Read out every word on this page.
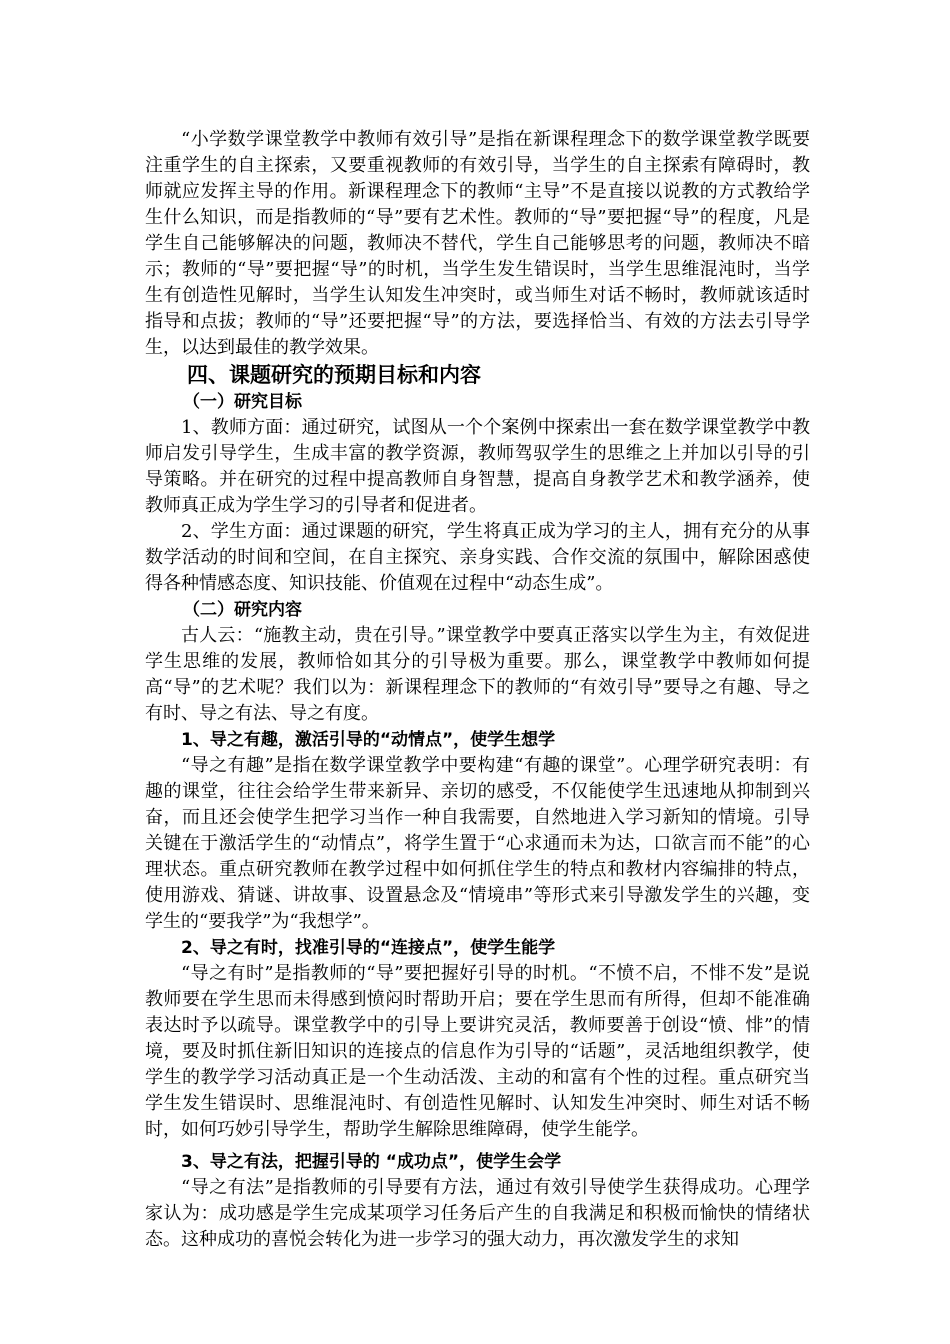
“小学数学课堂教学中教师有效引导”是指在新课程理念下的数学课堂教学既要注重学生的自主探索，又要重视教师的有效引导，当学生的自主探索有障碍时，教师就应发挥主导的作用。新课程理念下的教师“主导”不是直接以说教的方式教给学生什么知识，而是指教师的“导”要有艺术性。教师的“导”要把握“导”的程度，凡是学生自己能够解决的问题，教师决不替代，学生自己能够思考的问题，教师决不暗示；教师的“导”要把握“导”的时机，当学生发生错误时，当学生思维混沌时，当学生有创造性见解时，当学生认知发生冲突时，或当师生对话不畅时，教师就该适时指导和点拔；教师的“导”还要把握“导”的方法，要选择恰当、有效的方法去引导学生，以达到最佳的教学效果。

四、课题研究的预期目标和内容
（一）研究目标

1、教师方面：通过研究，试图从一个个案例中探索出一套在数学课堂教学中教师启发引导学生，生成丰富的教学资源，教师驾驭学生的思维之上并加以引导的引导策略。并在研究的过程中提高教师自身智慧，提高自身教学艺术和教学涵养，使教师真正成为学生学习的引导者和促进者。

2、学生方面：通过课题的研究，学生将真正成为学习的主人，拥有充分的从事数学活动的时间和空间，在自主探究、亲身实践、合作交流的氛围中，解除困惑使得各种情感态度、知识技能、价值观在过程中“动态生成”。

（二）研究内容

古人云：“施教主动，贵在引导。”课堂教学中要真正落实以学生为主，有效促进学生思维的发展，教师恰如其分的引导极为重要。那么，课堂教学中教师如何提高“导”的艺术呢？我们以为：新课程理念下的教师的“有效引导”要导之有趣、导之有时、导之有法、导之有度。

1、导之有趣，激活引导的“动情点”，使学生想学

“导之有趣”是指在数学课堂教学中要构建“有趣的课堂”。心理学研究表明：有趣的课堂，往往会给学生带来新异、亲切的感受，不仅能使学生迅速地从抑制到兴奋，而且还会使学生把学习当作一种自我需要，自然地进入学习新知的情境。引导关键在于激活学生的“动情点”，将学生置于“心求通而未为达，口欲言而不能”的心理状态。重点研究教师在教学过程中如何抓住学生的特点和教材内容编排的特点，使用游戏、猜谜、讲故事、设置悬念及“情境串”等形式来引导激发学生的兴趣，变学生的“要我学”为“我想学”。

2、导之有时，找准引导的“连接点”，使学生能学

“导之有时”是指教师的“导”要把握好引导的时机。“不愤不启，不悱不发”是说教师要在学生思而未得感到愤闷时帮助开启；要在学生思而有所得，但却不能准确表达时予以疏导。课堂教学中的引导上要讲究灵活，教师要善于创设“愤、悱”的情境，要及时抓住新旧知识的连接点的信息作为引导的“话题”，灵活地组织教学，使学生的教学学习活动真正是一个生动活泼、主动的和富有个性的过程。重点研究当学生发生错误时、思维混沌时、有创造性见解时、认知发生冲突时、师生对话不畅时，如何巧妙引导学生，帮助学生解除思维障碍，使学生能学。

3、导之有法，把握引导的 “成功点”，使学生会学

“导之有法”是指教师的引导要有方法，通过有效引导使学生获得成功。心理学家认为：成功感是学生完成某项学习任务后产生的自我满足和积极而愉快的情绪状态。这种成功的喜悦会转化为进一步学习的强大动力，再次激发学生的求知
